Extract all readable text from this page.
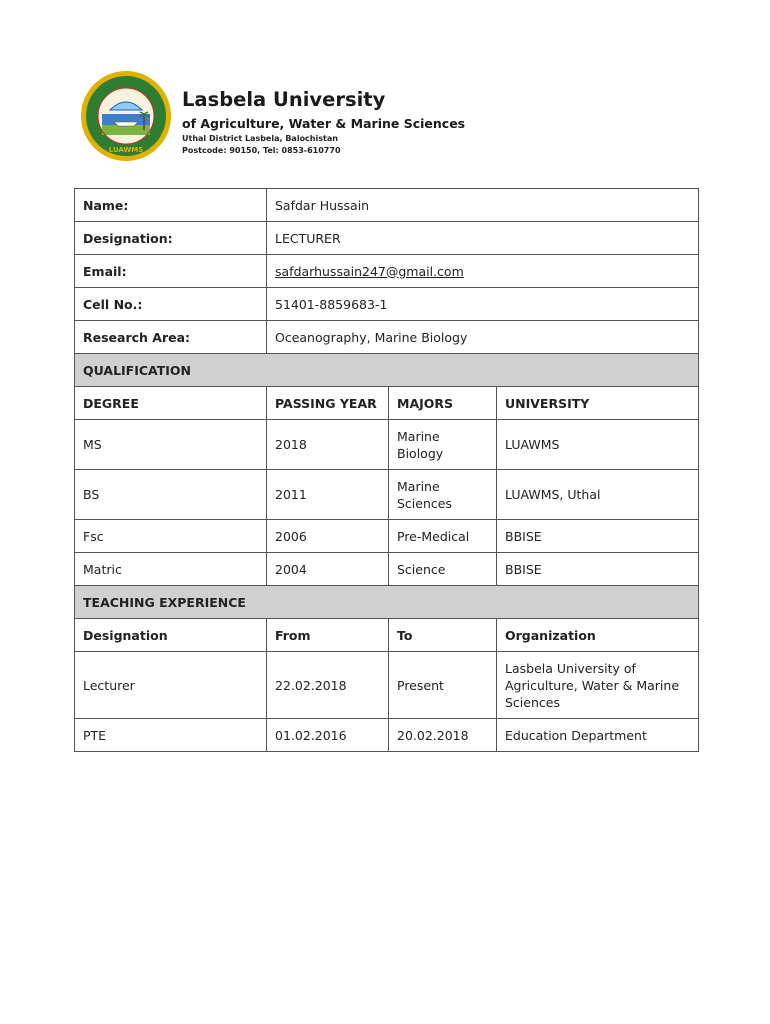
LUAWMS
Lasbela University
of Agriculture, Water & Marine Sciences
Uthal District Lasbela, Balochistan
Postcode: 90150, Tel: 0853-610770
Name:	Safdar Hussain		
Designation:	LECTURER		
Email:	safdarhussain247@gmail.com		
Cell No.:	51401-8859683-1		
Research Area:	Oceanography, Marine Biology		
QUALIFICATION			
DEGREE	PASSING YEAR	MAJORS	UNIVERSITY
MS	2018	Marine Biology	LUAWMS
BS	2011	Marine Sciences	LUAWMS, Uthal
Fsc	2006	Pre-Medical	BBISE
Matric	2004	Science	BBISE
TEACHING EXPERIENCE			
Designation	From	To	Organization
Lecturer	22.02.2018	Present	Lasbela University of Agriculture, Water & Marine Sciences
PTE	01.02.2016	20.02.2018	Education Department
